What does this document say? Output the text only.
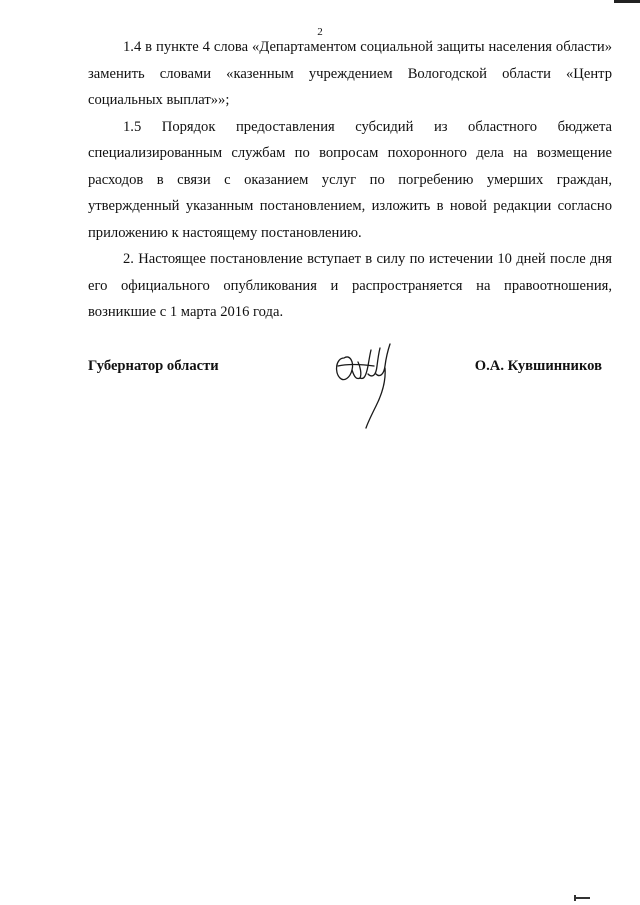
2

1.4 в пункте 4 слова «Департаментом социальной защиты населения области» заменить словами «казенным учреждением Вологодской области «Центр социальных выплат»»;

1.5 Порядок предоставления субсидий из областного бюджета специализированным службам по вопросам похоронного дела на возмещение расходов в связи с оказанием услуг по погребению умерших граждан, утвержденный указанным постановлением, изложить в новой редакции согласно приложению к настоящему постановлению.

2. Настоящее постановление вступает в силу по истечении 10 дней после дня его официального опубликования и распространяется на правоотношения, возникшие с 1 марта 2016 года.

Губернатор области	О.А. Кувшинников
